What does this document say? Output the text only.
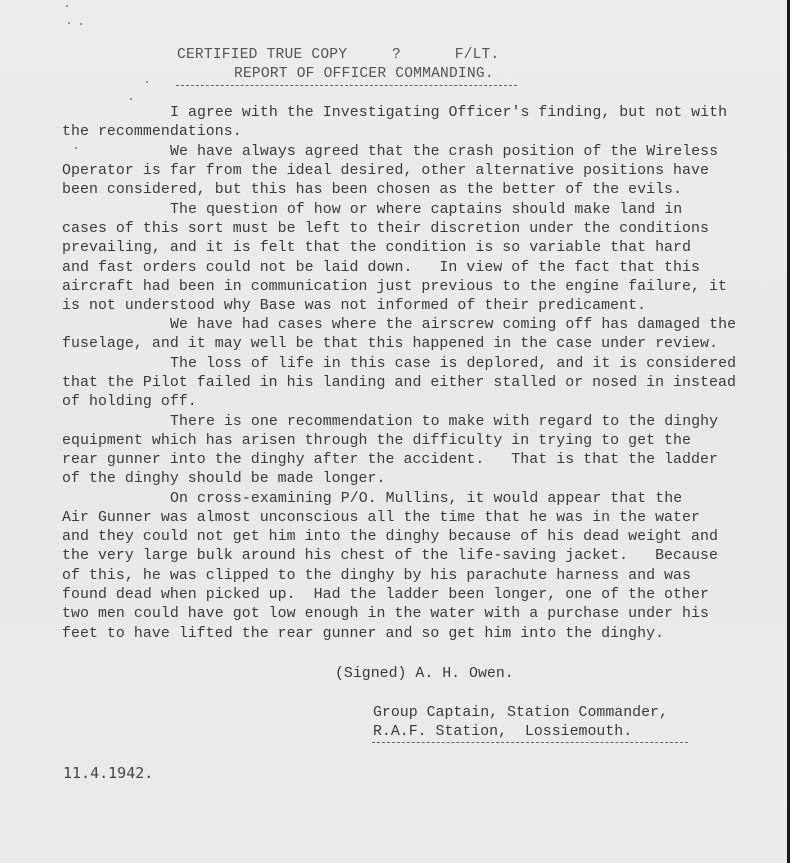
CERTIFIED TRUE COPY     ?      F/LT.
REPORT OF OFFICER COMMANDING.
I agree with the Investigating Officer's finding, but not with
the recommendations.
We have always agreed that the crash position of the Wireless
Operator is far from the ideal desired, other alternative positions have
been considered, but this has been chosen as the better of the evils.
The question of how or where captains should make land in
cases of this sort must be left to their discretion under the conditions
prevailing, and it is felt that the condition is so variable that hard
and fast orders could not be laid down.   In view of the fact that this
aircraft had been in communication just previous to the engine failure, it
is not understood why Base was not informed of their predicament.
We have had cases where the airscrew coming off has damaged the
fuselage, and it may well be that this happened in the case under review.
The loss of life in this case is deplored, and it is considered
that the Pilot failed in his landing and either stalled or nosed in instead
of holding off.
There is one recommendation to make with regard to the dinghy
equipment which has arisen through the difficulty in trying to get the
rear gunner into the dinghy after the accident.   That is that the ladder
of the dinghy should be made longer.
On cross-examining P/O. Mullins, it would appear that the
Air Gunner was almost unconscious all the time that he was in the water
and they could not get him into the dinghy because of his dead weight and
the very large bulk around his chest of the life-saving jacket.   Because
of this, he was clipped to the dinghy by his parachute harness and was
found dead when picked up.  Had the ladder been longer, one of the other
two men could have got low enough in the water with a purchase under his
feet to have lifted the rear gunner and so get him into the dinghy.
(Signed) A. H. Owen.
Group Captain, Station Commander,
R.A.F. Station,  Lossiemouth.
11.4.1942.
